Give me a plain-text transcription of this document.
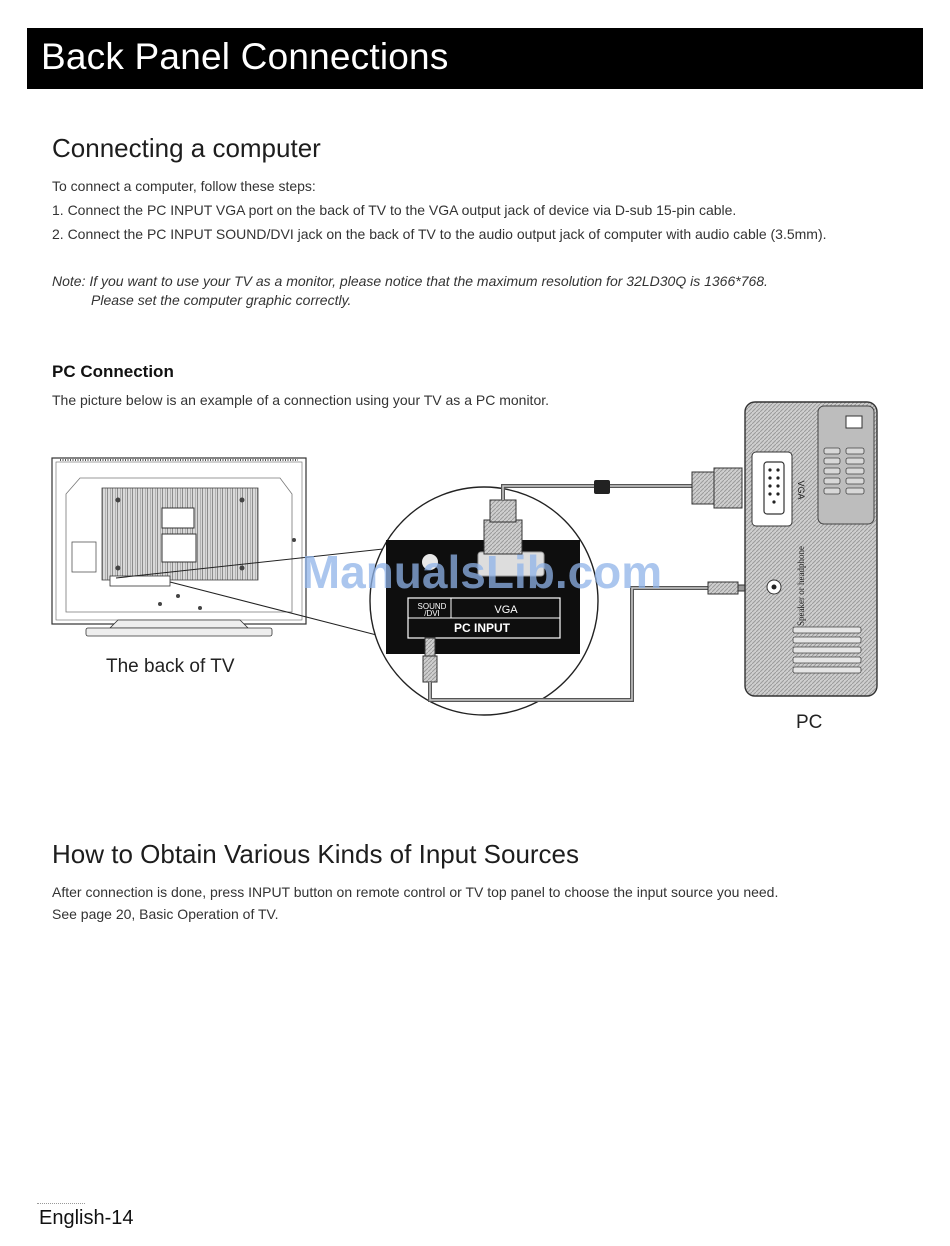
Back Panel Connections
Connecting a computer

To connect a computer, follow these steps:

1. Connect the PC INPUT VGA port on the back of TV to the VGA output jack of device via D-sub 15-pin cable.

2. Connect the PC INPUT SOUND/DVI jack on the back of TV to the audio output jack of computer with audio cable (3.5mm).

Note: If you want to use your TV as a monitor, please notice that the maximum resolution for 32LD30Q is 1366*768.

Please set the computer graphic correctly.

PC Connection

The picture below is an example of a connection using your TV as a PC monitor.

SOUND
/DVI	VGA
PC INPUT
VGA
Speaker or headphone
The back of TV
PC
ManualsLib.com
How to Obtain Various Kinds of Input Sources

After connection is done, press INPUT button on remote control or TV top panel to choose the input source you need.

See page 20, Basic Operation of TV.

English-14
